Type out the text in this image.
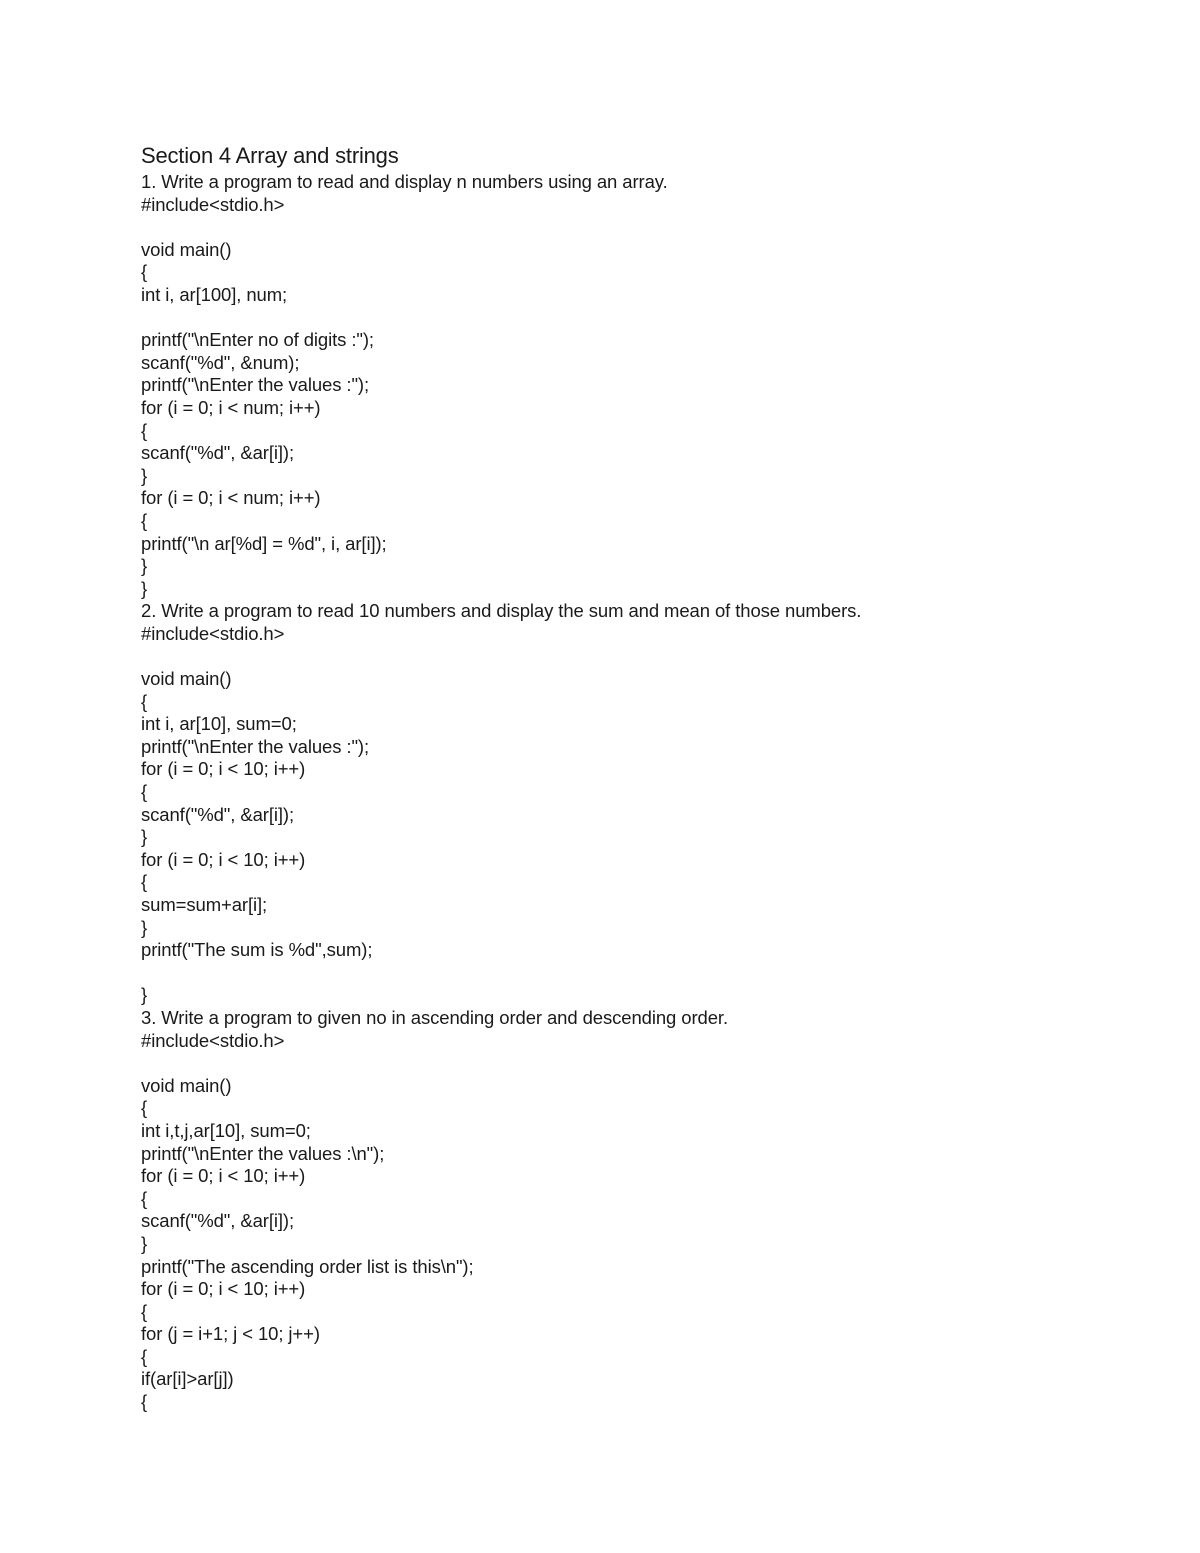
Section 4 Array and strings
1. Write a program to read and display n numbers using an array.
#include<stdio.h>
void main()
{
int i, ar[100], num;
printf("\nEnter no of digits :");
scanf("%d", &num);
printf("\nEnter the values :");
for (i = 0; i < num; i++)
{
scanf("%d", &ar[i]);
}
for (i = 0; i < num; i++)
{
printf("\n ar[%d] = %d", i, ar[i]);
}
}
2. Write a program to read 10 numbers and display the sum and mean of those numbers.
#include<stdio.h>
void main()
{
int i, ar[10], sum=0;
printf("\nEnter the values :");
for (i = 0; i < 10; i++)
{
scanf("%d", &ar[i]);
}
for (i = 0; i < 10; i++)
{
sum=sum+ar[i];
}
printf("The sum is %d",sum);
}
3. Write a program to given no in ascending order and descending order.
#include<stdio.h>
void main()
{
int i,t,j,ar[10], sum=0;
printf("\nEnter the values :\n");
for (i = 0; i < 10; i++)
{
scanf("%d", &ar[i]);
}
printf("The ascending order list is this\n");
for (i = 0; i < 10; i++)
{
for (j = i+1; j < 10; j++)
{
if(ar[i]>ar[j])
{
